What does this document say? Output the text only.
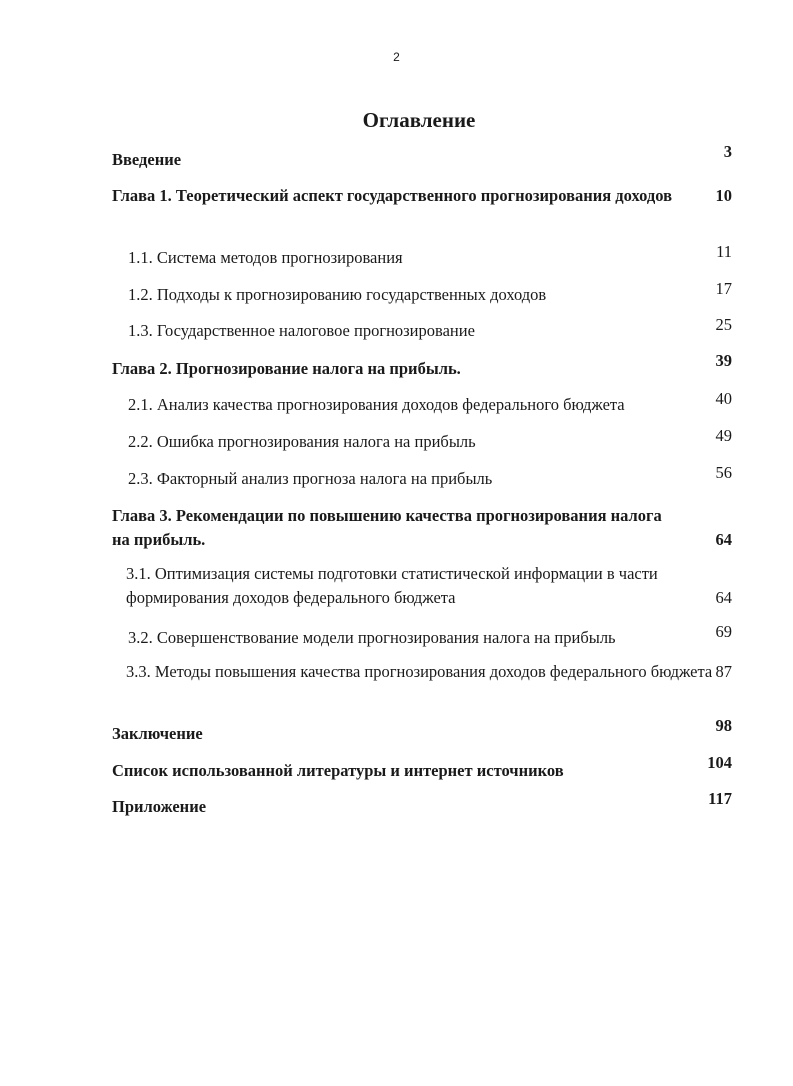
2
Оглавление
Введение	3
Глава 1. Теоретический аспект государственного прогнозирования доходов	10
1.1. Система методов прогнозирования	11
1.2. Подходы к прогнозированию государственных доходов	17
1.3. Государственное налоговое прогнозирование	25
Глава 2. Прогнозирование налога на прибыль.	39
2.1. Анализ качества прогнозирования доходов федерального бюджета	40
2.2. Ошибка прогнозирования налога на прибыль	49
2.3. Факторный анализ прогноза налога на прибыль	56
Глава 3. Рекомендации по повышению качества прогнозирования налога на прибыль.	64
3.1. Оптимизация системы подготовки статистической информации в части формирования доходов федерального бюджета	64
3.2. Совершенствование модели прогнозирования налога на прибыль	69
3.3. Методы повышения качества прогнозирования доходов федерального бюджета 87
Заключение	98
Список использованной литературы и интернет источников	104
Приложение	117
